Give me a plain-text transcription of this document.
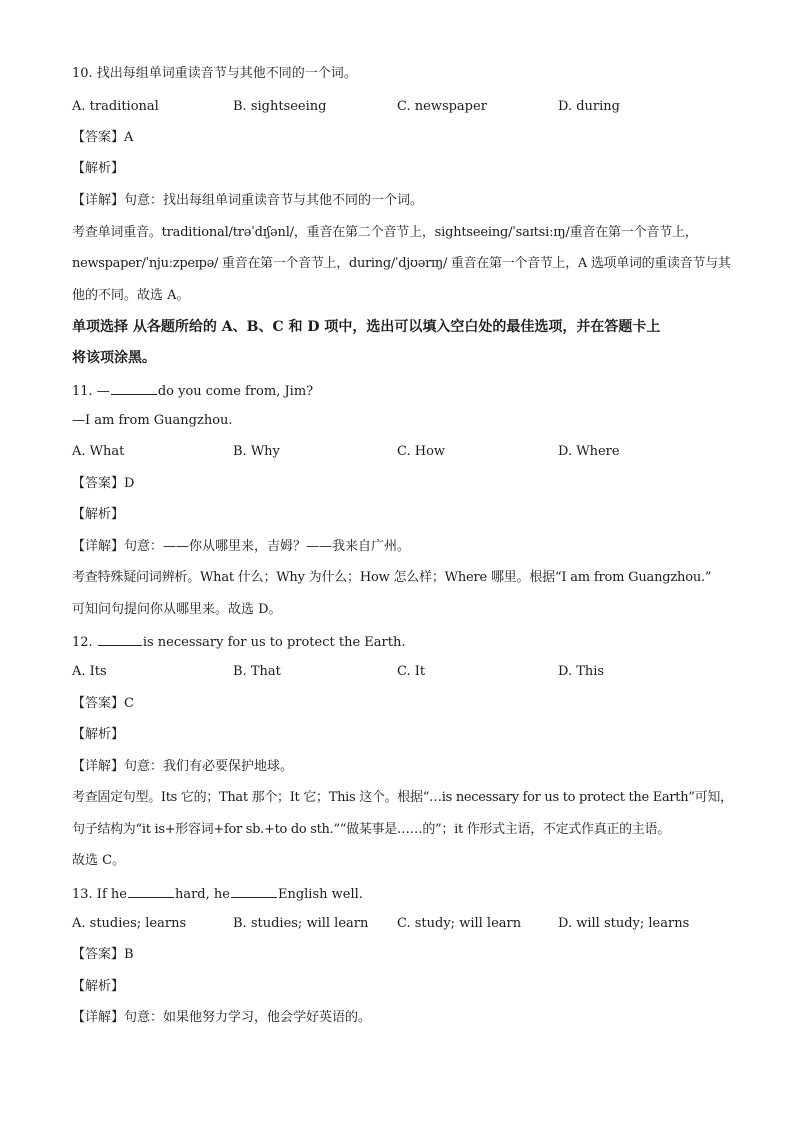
10. 找出每组单词重读音节与其他不同的一个词。
A. traditional	B. sightseeing	C. newspaper	D. during
【答案】A
【解析】
【详解】句意：找出每组单词重读音节与其他不同的一个词。
考查单词重音。traditional/trəˈdɪʃənl/，重音在第二个音节上，sightseeing/ˈsaɪtsiːɪŋ/重音在第一个音节上，
newspaper/ˈnjuːzpeɪpə/ 重音在第一个音节上，during/ˈdjʊərɪŋ/ 重音在第一个音节上，A 选项单词的重读音节与其
他的不同。故选 A。
单项选择 从各题所给的 A、B、C 和 D 项中，选出可以填入空白处的最佳选项，并在答题卡上
将该项涂黑。
11. —	do you come from, Jim?
—I am from Guangzhou.
A. What	B. Why	C. How	D. Where
【答案】D
【解析】
【详解】句意：——你从哪里来，吉姆？——我来自广州。
考查特殊疑问词辨析。What 什么；Why 为什么；How 怎么样；Where 哪里。根据“I am from Guangzhou.”
可知问句提问你从哪里来。故选 D。
12.	is necessary for us to protect the Earth.
A. Its	B. That	C. It	D. This
【答案】C
【解析】
【详解】句意：我们有必要保护地球。
考查固定句型。Its 它的；That 那个；It 它；This 这个。根据“…is necessary for us to protect the Earth”可知，
句子结构为“it is+形容词+for sb.+to do sth.”“做某事是……的”；it 作形式主语，不定式作真正的主语。
故选 C。
13. If he	hard, he	English well.
A. studies; learns	B. studies; will learn C. study; will learn	D. will study; learns
【答案】B
【解析】
【详解】句意：如果他努力学习，他会学好英语的。
